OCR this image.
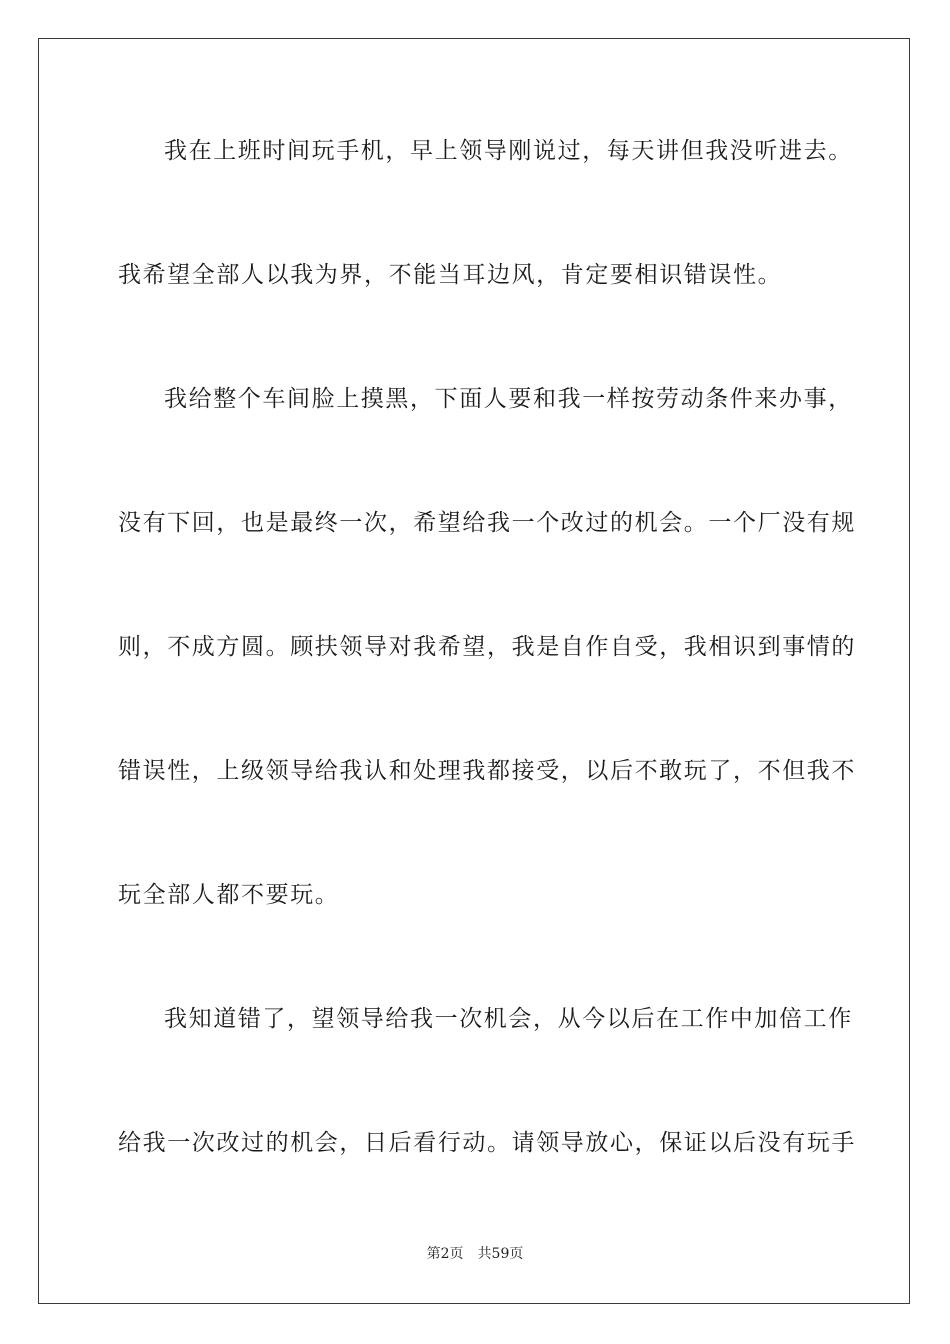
我在上班时间玩手机，早上领导刚说过，每天讲但我没听进去。
我希望全部人以我为界，不能当耳边风，肯定要相识错误性。
我给整个车间脸上摸黑，下面人要和我一样按劳动条件来办事，
没有下回，也是最终一次，希望给我一个改过的机会。一个厂没有规
则，不成方圆。顾扶领导对我希望，我是自作自受，我相识到事情的
错误性，上级领导给我认和处理我都接受，以后不敢玩了，不但我不
玩全部人都不要玩。
我知道错了，望领导给我一次机会，从今以后在工作中加倍工作
给我一次改过的机会，日后看行动。请领导放心，保证以后没有玩手
第2页 共59页
